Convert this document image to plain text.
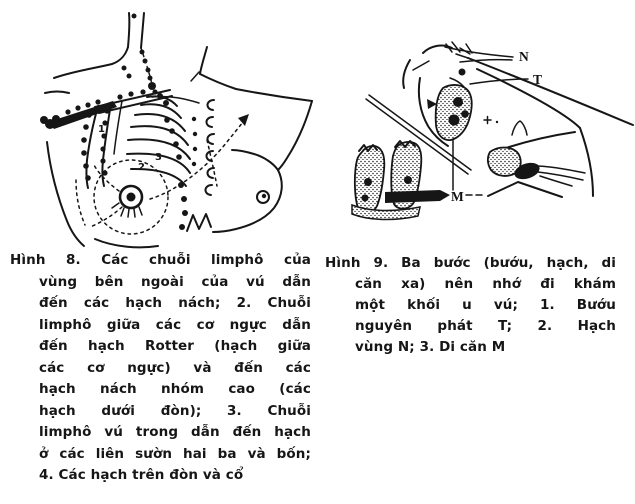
1
2
3
N
T
M
Hình 8. Các chuỗi limphô của
vùng bên ngoài của vú dẫn
đến các hạch nách; 2. Chuỗi
limphô giữa các cơ ngực dẫn
đến hạch Rotter (hạch giữa
các cơ ngực) và đến các
hạch nách nhóm cao (các
hạch dưới đòn); 3. Chuỗi
limphô vú trong dẫn đến hạch
ở các liên sườn hai ba và bốn;
4. Các hạch trên đòn và cổ
Hình 9. Ba bước (bướu, hạch, di
căn xa) nên nhớ đi khám
một khối u vú; 1. Bướu
nguyên phát T; 2. Hạch
vùng N; 3. Di căn M
